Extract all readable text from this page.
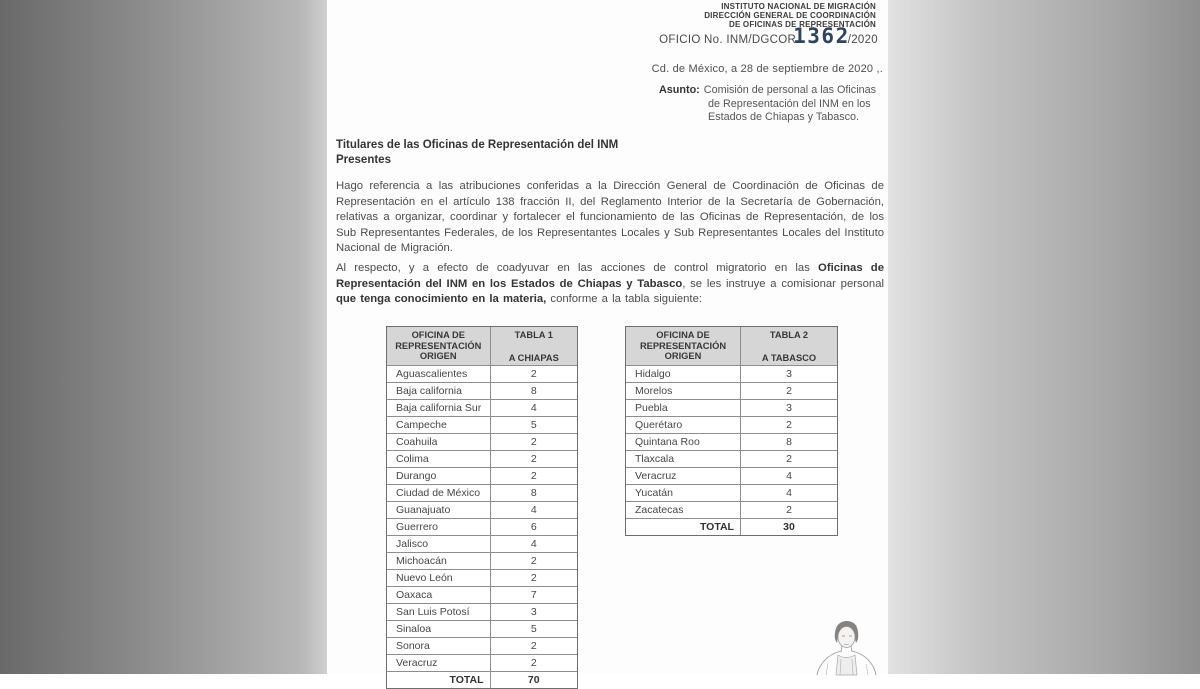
INSTITUTO NACIONAL DE MIGRACIÓN
DIRECCIÓN GENERAL DE COORDINACIÓN
DE OFICINAS DE REPRESENTACIÓN
OFICIO No. INM/DGCOR
1362
/2020
Cd. de México, a 28 de septiembre de 2020 ,.
Asunto: Comisión de personal a las Oficinas de Representación del INM en los Estados de Chiapas y Tabasco.
Titulares de las Oficinas de Representación del INM
Presentes

Hago referencia a las atribuciones conferidas a la Dirección General de Coordinación de Oficinas de Representación en el artículo 138 fracción II, del Reglamento Interior de la Secretaría de Gobernación, relativas a organizar, coordinar y fortalecer el funcionamiento de las Oficinas de Representación, de los Sub Representantes Federales, de los Representantes Locales y Sub Representantes Locales del Instituto Nacional de Migración.

Al respecto, y a efecto de coadyuvar en las acciones de control migratorio en las Oficinas de Representación del INM en los Estados de Chiapas y Tabasco, se les instruye a comisionar personal que tenga conocimiento en la materia, conforme a la tabla siguiente:

OFICINA DE REPRESENTACIÓN ORIGEN
TABLA 1
A CHIAPAS
Aguascalientes	2
Baja california	8
Baja california Sur	4
Campeche	5
Coahuila	2
Colima	2
Durango	2
Ciudad de México	8
Guanajuato	4
Guerrero	6
Jalisco	4
Michoacán	2
Nuevo León	2
Oaxaca	7
San Luis Potosí	3
Sinaloa	5
Sonora	2
Veracruz	2
TOTAL	70
OFICINA DE REPRESENTACIÓN ORIGEN
TABLA 2
A TABASCO
Hidalgo	3
Morelos	2
Puebla	3
Querétaro	2
Quintana Roo	8
Tlaxcala	2
Veracruz	4
Yucatán	4
Zacatecas	2
TOTAL	30
